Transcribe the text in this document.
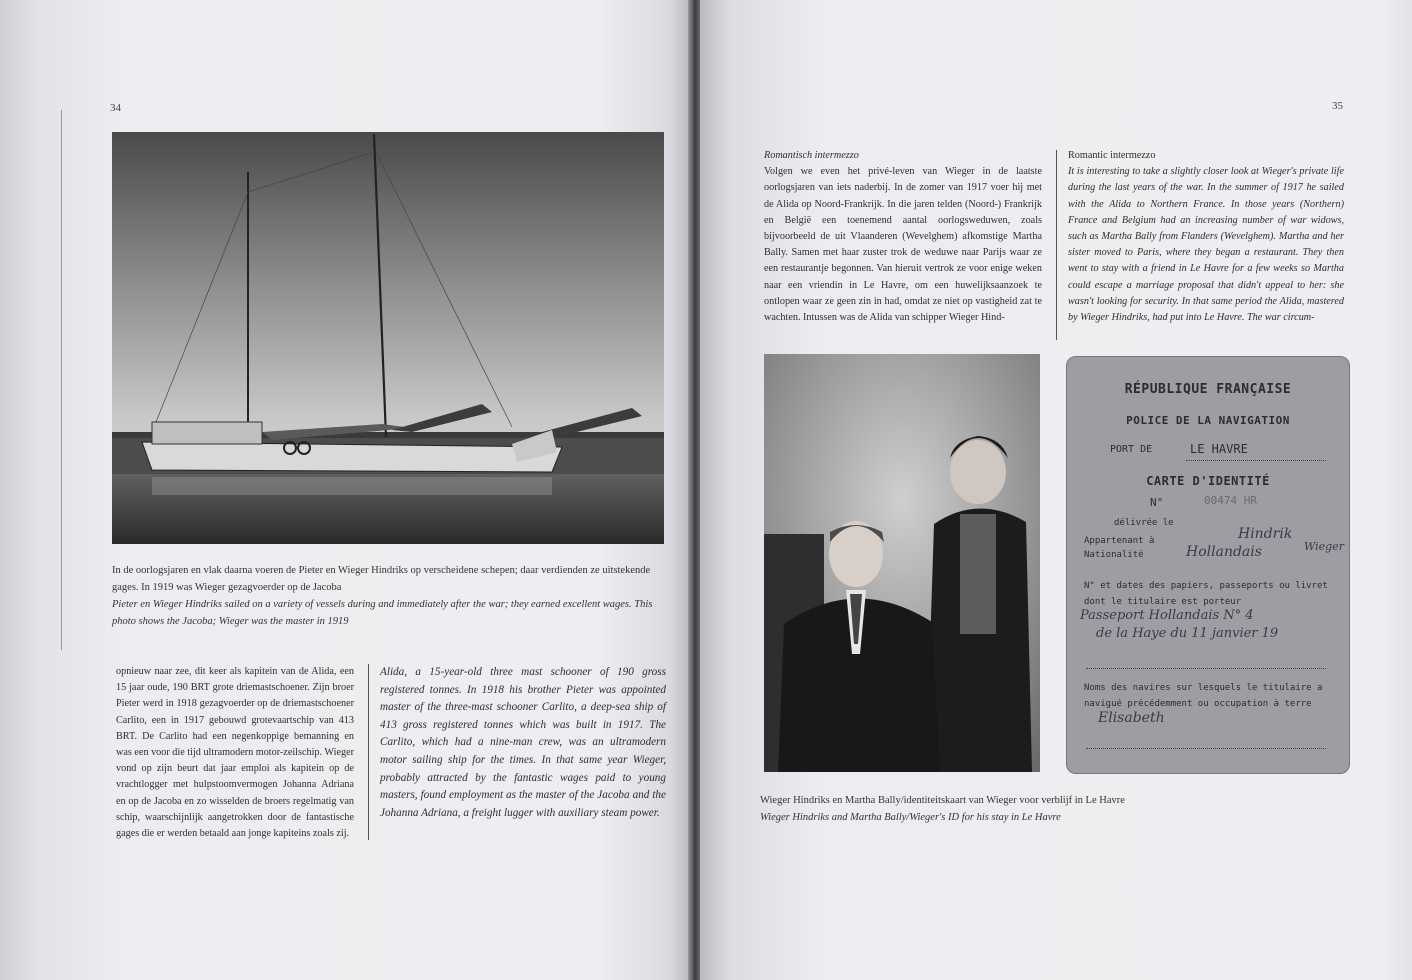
34

In de oorlogsjaren en vlak daarna voeren de Pieter en Wieger Hindriks op verscheidene schepen; daar verdienden ze uitstekende gages. In 1919 was Wieger gezagvoerder op de Jacoba
Pieter en Wieger Hindriks sailed on a variety of vessels during and immediately after the war; they earned excellent wages. This photo shows the Jacoba; Wieger was the master in 1919

opnieuw naar zee, dit keer als kapitein van de Alida, een 15 jaar oude, 190 BRT grote driemastschoener. Zijn broer Pieter werd in 1918 gezagvoerder op de driemastschoener Carlito, een in 1917 gebouwd grotevaartschip van 413 BRT. De Carlito had een negenkoppige bemanning en was een voor die tijd ultramodern motor-zeilschip. Wieger vond op zijn beurt dat jaar emploi als kapitein op de vrachtlogger met hulpstoomvermogen Johanna Adriana en op de Jacoba en zo wisselden de broers regelmatig van schip, waarschijnlijk aangetrokken door de fantastische gages die er werden betaald aan jonge kapiteins zoals zij.

Alida, a 15-year-old three mast schooner of 190 gross registered tonnes. In 1918 his brother Pieter was appointed master of the three-mast schooner Carlito, a deep-sea ship of 413 gross registered tonnes which was built in 1917. The Carlito, which had a nine-man crew, was an ultramodern motor sailing ship for the times. In that same year Wieger, probably attracted by the fantastic wages paid to young masters, found employment as the master of the Jacoba and the Johanna Adriana, a freight lugger with auxiliary steam power.

35

Romantisch intermezzo
Volgen we even het privé-leven van Wieger in de laatste oorlogsjaren van iets naderbij. In de zomer van 1917 voer hij met de Alida op Noord-Frankrijk. In die jaren telden (Noord-) Frankrijk en België een toenemend aantal oorlogsweduwen, zoals bijvoorbeeld de uit Vlaanderen (Wevelghem) afkomstige Martha Bally. Samen met haar zuster trok de weduwe naar Parijs waar ze een restaurantje begonnen. Van hieruit vertrok ze voor enige weken naar een vriendin in Le Havre, om een huwelijksaanzoek te ontlopen waar ze geen zin in had, omdat ze niet op vastigheid zat te wachten. Intussen was de Alida van schipper Wieger Hind-

Romantic intermezzo
It is interesting to take a slightly closer look at Wieger's private life during the last years of the war. In the summer of 1917 he sailed with the Alida to Northern France. In those years (Northern) France and Belgium had an increasing number of war widows, such as Martha Bally from Flanders (Wevelghem). Martha and her sister moved to Paris, where they began a restaurant. They then went to stay with a friend in Le Havre for a few weeks so Martha could escape a marriage proposal that didn't appeal to her: she wasn't looking for security. In that same period the Alida, mastered by Wieger Hindriks, had put into Le Havre. The war circum-

Wieger Hindriks en Martha Bally/identiteitskaart van Wieger voor verblijf in Le Havre
Wieger Hindriks and Martha Bally/Wieger's ID for his stay in Le Havre

RÉPUBLIQUE FRANÇAISE

POLICE DE LA NAVIGATION

PORT DE	LE HAVRE

CARTE D'IDENTITÉ

N°	00474 HR

délivrée le

Appartenant à	Hindrik

Wieger

Nationalité	Hollandais

N° et dates des papiers, passeports ou livret dont le titulaire est porteur

Passeport Hollandais N° 4

de la Haye du 11 janvier 19

Noms des navires sur lesquels le titulaire a navigué précédemment ou occupation à terre

Elisabeth
